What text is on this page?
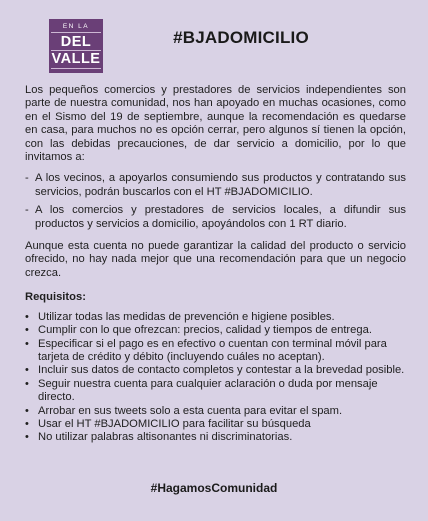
EN LA
DEL
VALLE
#BJADOMICILIO

Los pequeños comercios y prestadores de servicios independientes son parte de nuestra comunidad, nos han apoyado en muchas ocasiones, como en el Sismo del 19 de septiembre, aunque la recomendación es quedarse en casa, para muchos no es opción cerrar, pero algunos sí tienen la opción, con las debidas precauciones, de dar servicio a domicilio, por lo que invitamos a:

- A los vecinos, a apoyarlos consumiendo sus productos y contratando sus servicios, podrán buscarlos con el HT #BJADOMICILIO.
- A los comercios y prestadores de servicios locales, a difundir sus productos y servicios a domicilio, apoyándolos con 1 RT diario.

Aunque esta cuenta no puede garantizar la calidad del producto o servicio ofrecido, no hay nada mejor que una recomendación para que un negocio crezca.

Requisitos:

• Utilizar todas las medidas de prevención e higiene posibles.
• Cumplir con lo que ofrezcan: precios, calidad y tiempos de entrega.
• Especificar si el pago es en efectivo o cuentan con terminal móvil para tarjeta de crédito y débito (incluyendo cuáles no aceptan).
• Incluir sus datos de contacto completos y contestar a la brevedad posible.
• Seguir nuestra cuenta para cualquier aclaración o duda por mensaje directo.
• Arrobar en sus tweets solo a esta cuenta para evitar el spam.
• Usar el HT #BJADOMICILIO para facilitar su búsqueda
• No utilizar palabras altisonantes ni discriminatorias.
#HagamosComunidad
